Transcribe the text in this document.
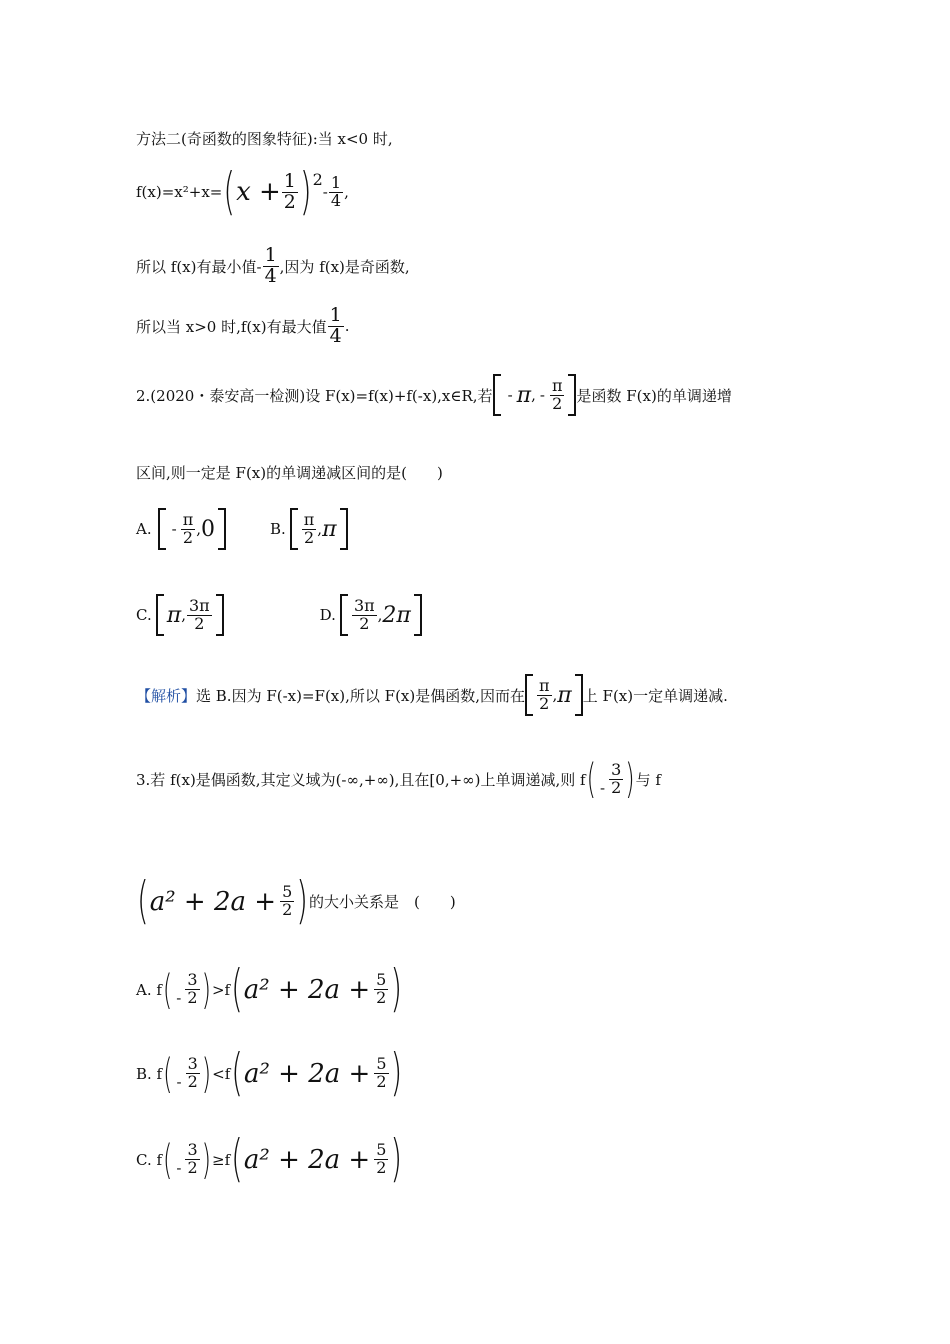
方法二(奇函数的图象特征):当 x<0 时,
f(x)=x²+x= ( $x + \frac{1}{2}$ ) 2
- $\frac{1}{4}$ ,
所以 f(x)有最小值- $\frac{1}{4}$ ,因为 f(x)是奇函数,
所以当 x>0 时,f(x)有最大值 $\frac{1}{4}$ .
2.(2020・泰安高一检测)设 F(x)=f(x)+f(-x),x∈R,若 - π , - $\frac{\pi}{2}$ 是函数 F(x)的单调递增
区间,则一定是 F(x)的单调递减区间的是(　　)
A. - $\frac{\pi}{2}$ , 0	B. $\frac{\pi}{2}$ , π
C. π , $\frac{3\pi}{2}$	D. $\frac{3\pi}{2}$ , 2π
【解析】 选 B.因为 F(-x)=F(x),所以 F(x)是偶函数,因而在 $\frac{\pi}{2}$ , π 上 F(x)一定单调递减.
3.若 f(x)是偶函数,其定义域为(-∞,+∞),且在[0,+∞)上单调递减,则 f ( - $\frac{3}{2}$ ) 与 f
( $a^2 + 2a + \frac{5}{2}$ ) 的大小关系是　(　　)
A. f ( - $\frac{3}{2}$ ) >f ( $a^2 + 2a + \frac{5}{2}$ )
B. f ( - $\frac{3}{2}$ ) <f ( $a^2 + 2a + \frac{5}{2}$ )
C. f ( - $\frac{3}{2}$ ) ≥f ( $a^2 + 2a + \frac{5}{2}$ )
